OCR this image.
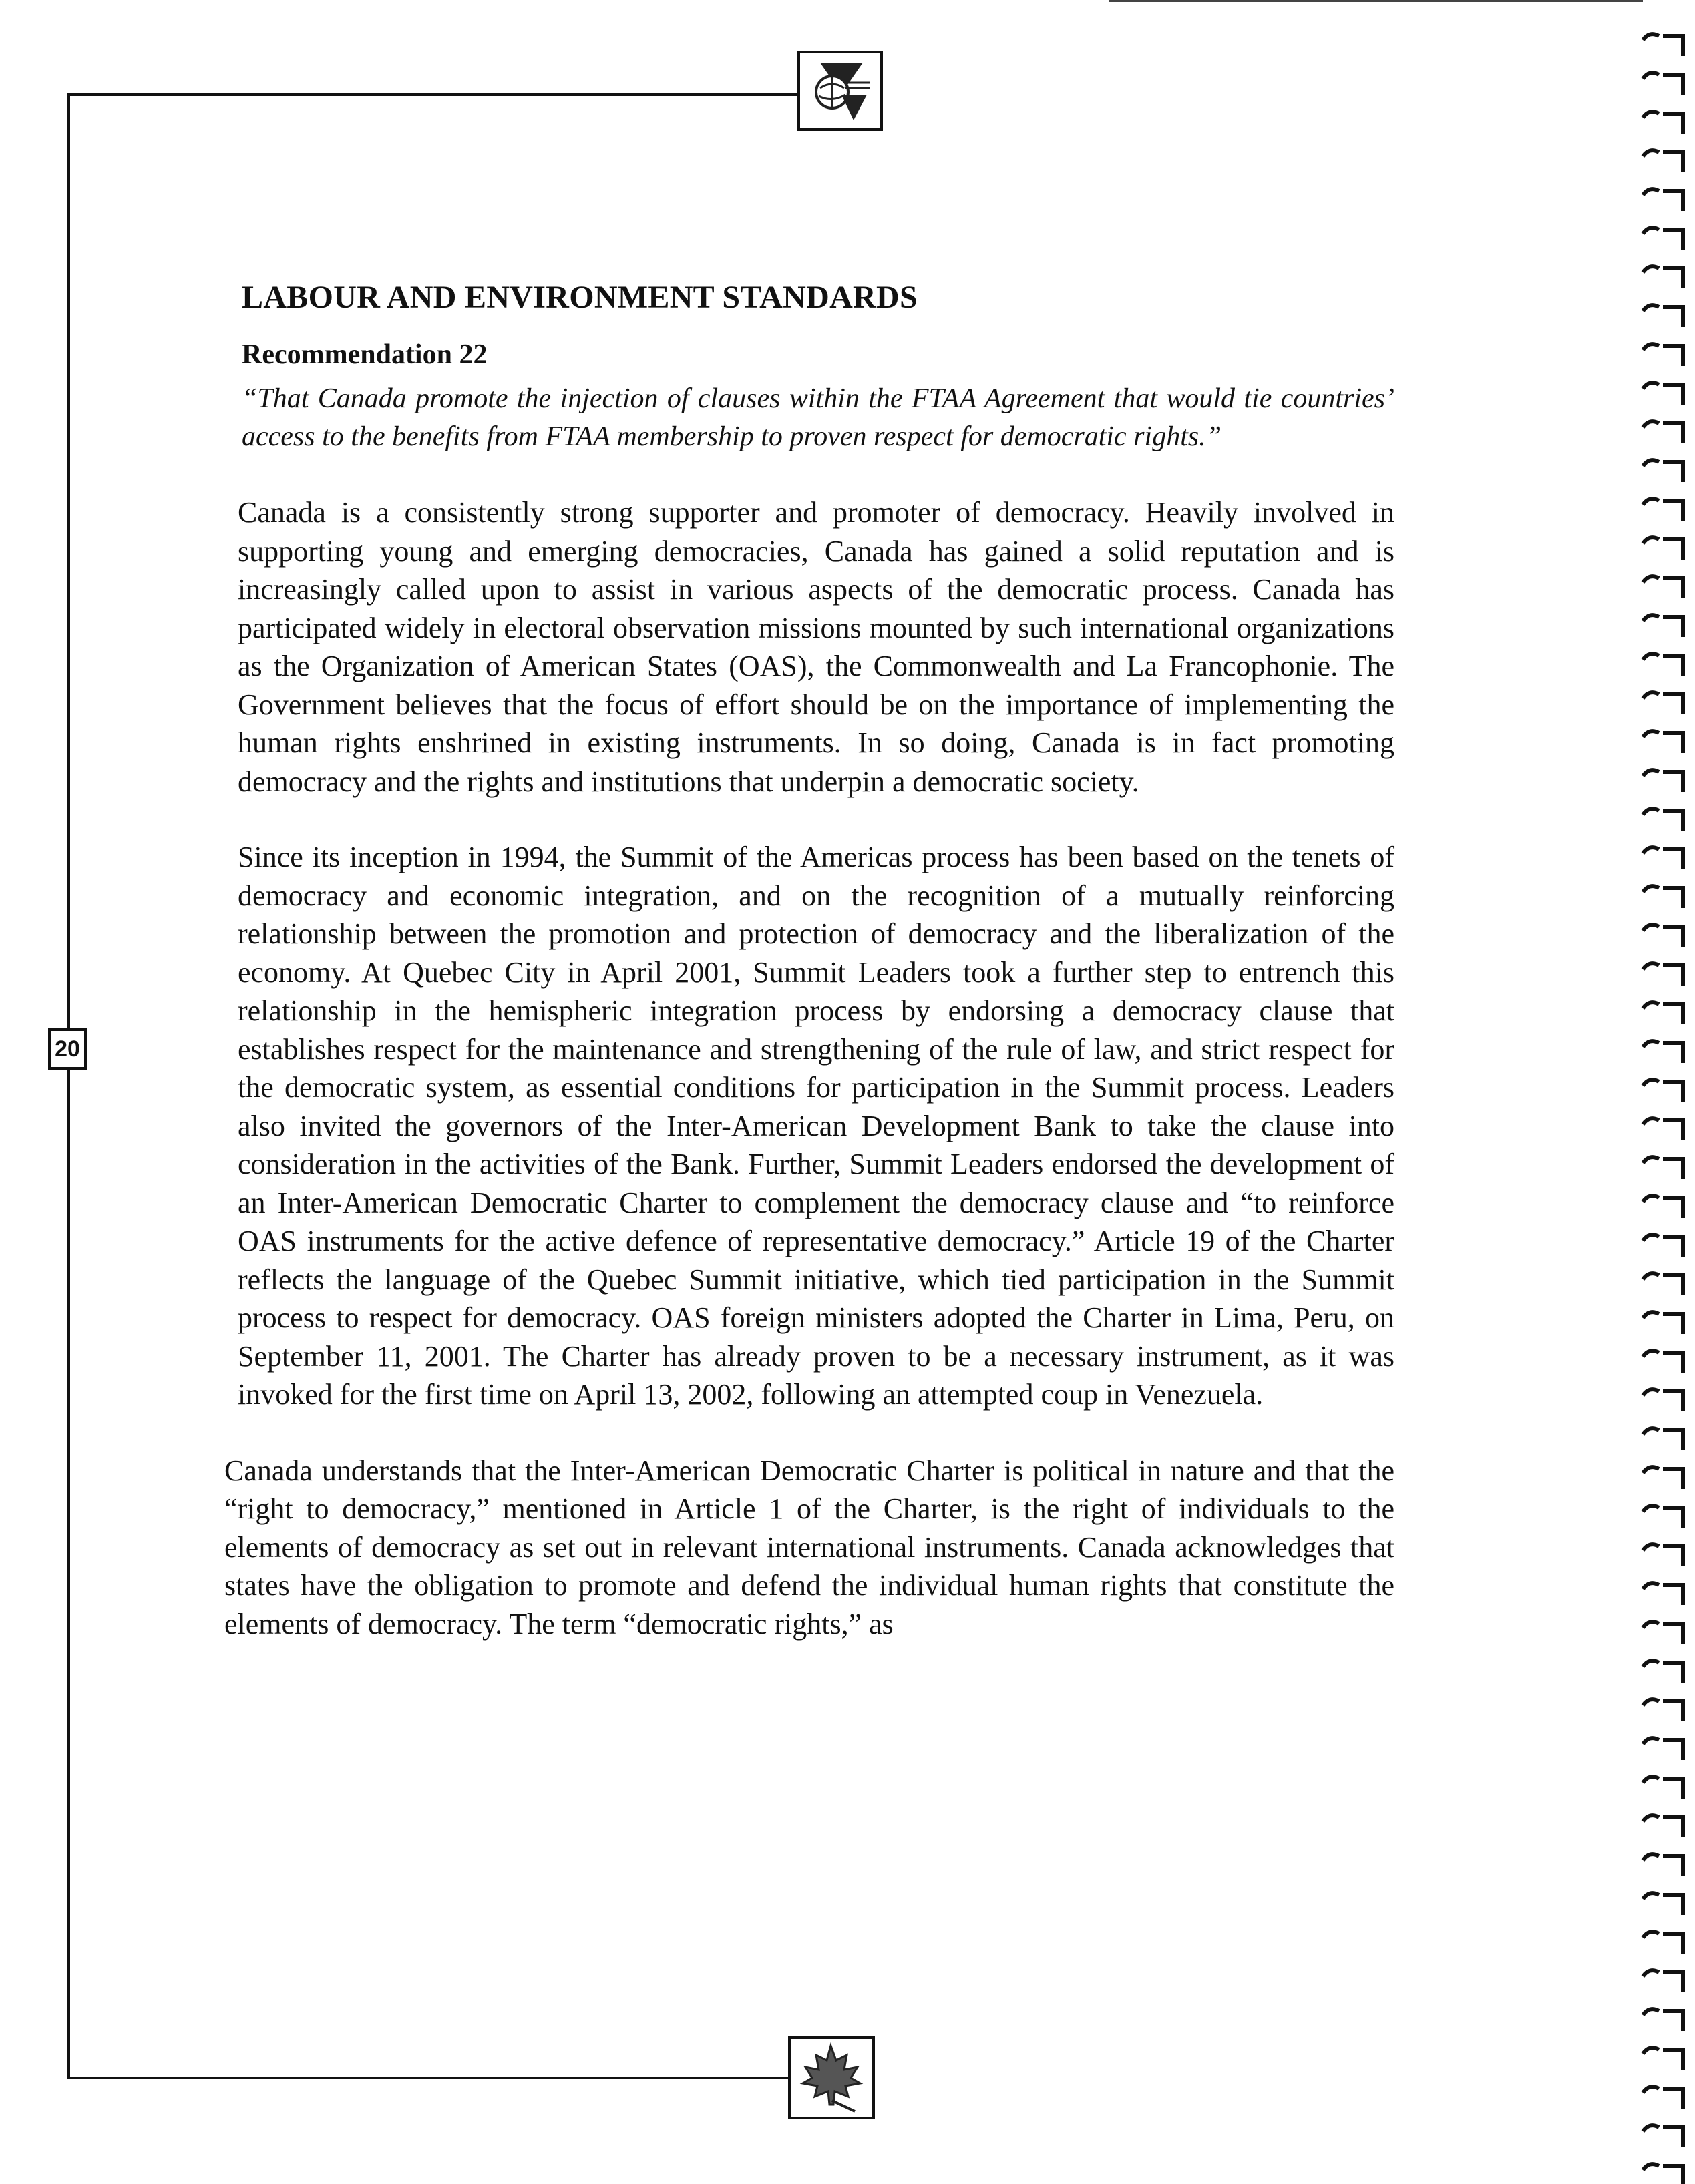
20
LABOUR AND ENVIRONMENT STANDARDS
Recommendation 22

“That Canada promote the injection of clauses within the FTAA Agreement that would tie countries’ access to the benefits from FTAA membership to proven respect for democratic rights.”

Canada is a consistently strong supporter and promoter of democracy. Heavily involved in supporting young and emerging democracies, Canada has gained a solid reputation and is increasingly called upon to assist in various aspects of the democratic process. Canada has participated widely in electoral observation missions mounted by such international organizations as the Organization of American States (OAS), the Commonwealth and La Francophonie. The Government believes that the focus of effort should be on the importance of implementing the human rights enshrined in existing instruments. In so doing, Canada is in fact promoting democracy and the rights and institutions that underpin a democratic society.

Since its inception in 1994, the Summit of the Americas process has been based on the tenets of democracy and economic integration, and on the recognition of a mutually reinforcing relationship between the promotion and protection of democracy and the liberalization of the economy. At Quebec City in April 2001, Summit Leaders took a further step to entrench this relationship in the hemispheric integration process by endorsing a democracy clause that establishes respect for the maintenance and strengthening of the rule of law, and strict respect for the democratic system, as essential conditions for participation in the Summit process. Leaders also invited the governors of the Inter-American Development Bank to take the clause into consideration in the activities of the Bank. Further, Summit Leaders endorsed the development of an Inter-American Democratic Charter to complement the democracy clause and “to reinforce OAS instruments for the active defence of representative democracy.” Article 19 of the Charter reflects the language of the Quebec Summit initiative, which tied participation in the Summit process to respect for democracy. OAS foreign ministers adopted the Charter in Lima, Peru, on September 11, 2001. The Charter has already proven to be a necessary instrument, as it was invoked for the first time on April 13, 2002, following an attempted coup in Venezuela.

Canada understands that the Inter-American Democratic Charter is political in nature and that the “right to democracy,” mentioned in Article 1 of the Charter, is the right of individuals to the elements of democracy as set out in relevant international instruments. Canada acknowledges that states have the obligation to promote and defend the individual human rights that constitute the elements of democracy. The term “democratic rights,” as
